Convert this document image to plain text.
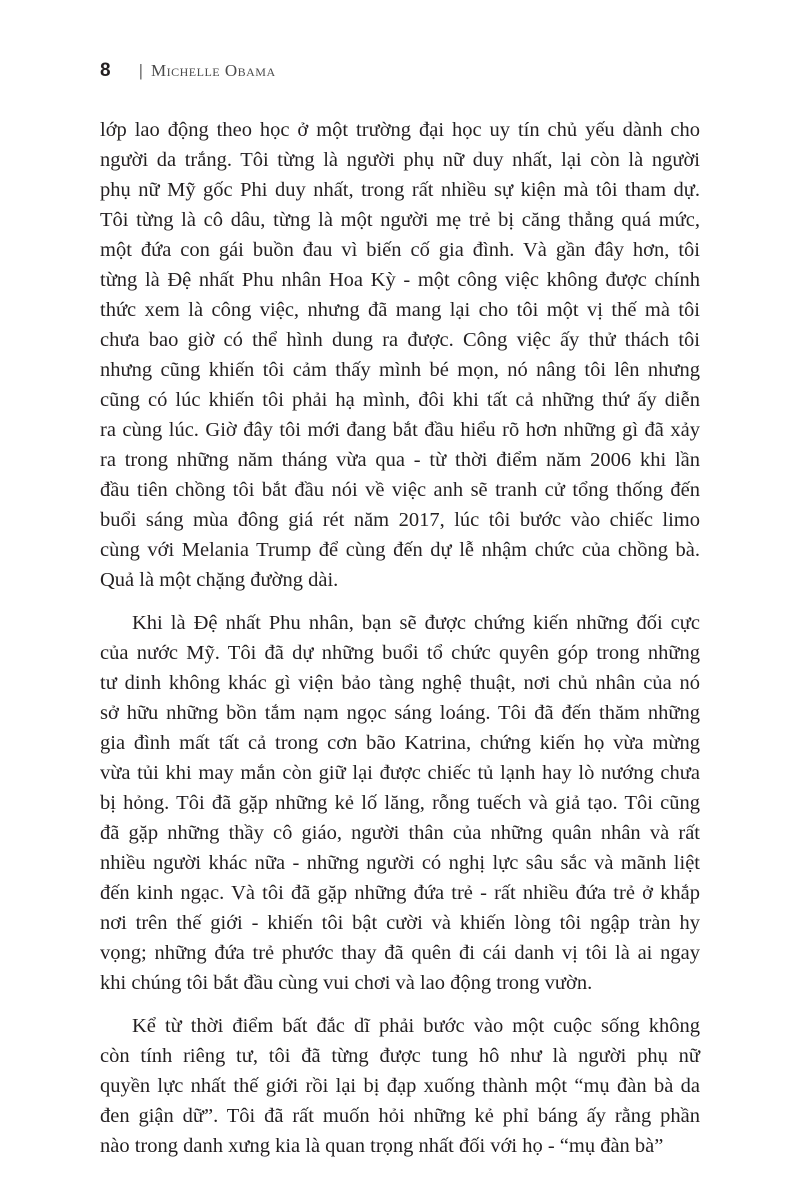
8 | Michelle Obama

lớp lao động theo học ở một trường đại học uy tín chủ yếu dành cho
người da trắng. Tôi từng là người phụ nữ duy nhất, lại còn là người
phụ nữ Mỹ gốc Phi duy nhất, trong rất nhiều sự kiện mà tôi tham dự.
Tôi từng là cô dâu, từng là một người mẹ trẻ bị căng thẳng quá mức,
một đứa con gái buồn đau vì biến cố gia đình. Và gần đây hơn, tôi
từng là Đệ nhất Phu nhân Hoa Kỳ - một công việc không được chính
thức xem là công việc, nhưng đã mang lại cho tôi một vị thế mà tôi
chưa bao giờ có thể hình dung ra được. Công việc ấy thử thách tôi
nhưng cũng khiến tôi cảm thấy mình bé mọn, nó nâng tôi lên nhưng
cũng có lúc khiến tôi phải hạ mình, đôi khi tất cả những thứ ấy diễn
ra cùng lúc. Giờ đây tôi mới đang bắt đầu hiểu rõ hơn những gì đã xảy
ra trong những năm tháng vừa qua - từ thời điểm năm 2006 khi lần
đầu tiên chồng tôi bắt đầu nói về việc anh sẽ tranh cử tổng thống đến
buổi sáng mùa đông giá rét năm 2017, lúc tôi bước vào chiếc limo
cùng với Melania Trump để cùng đến dự lễ nhậm chức của chồng bà.
Quả là một chặng đường dài.

Khi là Đệ nhất Phu nhân, bạn sẽ được chứng kiến những đối cực
của nước Mỹ. Tôi đã dự những buổi tổ chức quyên góp trong những
tư dinh không khác gì viện bảo tàng nghệ thuật, nơi chủ nhân của nó
sở hữu những bồn tắm nạm ngọc sáng loáng. Tôi đã đến thăm những
gia đình mất tất cả trong cơn bão Katrina, chứng kiến họ vừa mừng
vừa tủi khi may mắn còn giữ lại được chiếc tủ lạnh hay lò nướng chưa
bị hỏng. Tôi đã gặp những kẻ lố lăng, rỗng tuếch và giả tạo. Tôi cũng
đã gặp những thầy cô giáo, người thân của những quân nhân và rất
nhiều người khác nữa - những người có nghị lực sâu sắc và mãnh liệt
đến kinh ngạc. Và tôi đã gặp những đứa trẻ - rất nhiều đứa trẻ ở khắp
nơi trên thế giới - khiến tôi bật cười và khiến lòng tôi ngập tràn hy
vọng; những đứa trẻ phước thay đã quên đi cái danh vị tôi là ai ngay
khi chúng tôi bắt đầu cùng vui chơi và lao động trong vườn.

Kể từ thời điểm bất đắc dĩ phải bước vào một cuộc sống không
còn tính riêng tư, tôi đã từng được tung hô như là người phụ nữ
quyền lực nhất thế giới rồi lại bị đạp xuống thành một “mụ đàn bà da
đen giận dữ”. Tôi đã rất muốn hỏi những kẻ phỉ báng ấy rằng phần
nào trong danh xưng kia là quan trọng nhất đối với họ - “mụ đàn bà”
